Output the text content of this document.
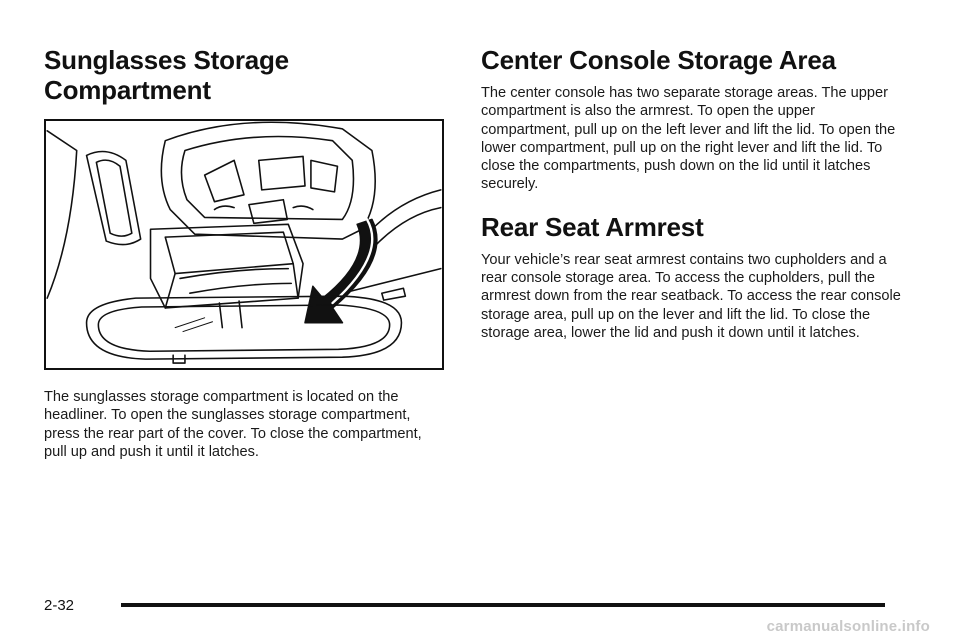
Sunglasses Storage Compartment

The sunglasses storage compartment is located on the headliner. To open the sunglasses storage compartment, press the rear part of the cover. To close the compartment, pull up and push it until it latches.

Center Console Storage Area

The center console has two separate storage areas. The upper compartment is also the armrest. To open the upper compartment, pull up on the left lever and lift the lid. To open the lower compartment, pull up on the right lever and lift the lid. To close the compartments, push down on the lid until it latches securely.

Rear Seat Armrest

Your vehicle’s rear seat armrest contains two cupholders and a rear console storage area. To access the cupholders, pull the armrest down from the rear seatback. To access the rear console storage area, pull up on the lever and lift the lid. To close the storage area, lower the lid and push it down until it latches.

2-32
carmanualsonline.info
